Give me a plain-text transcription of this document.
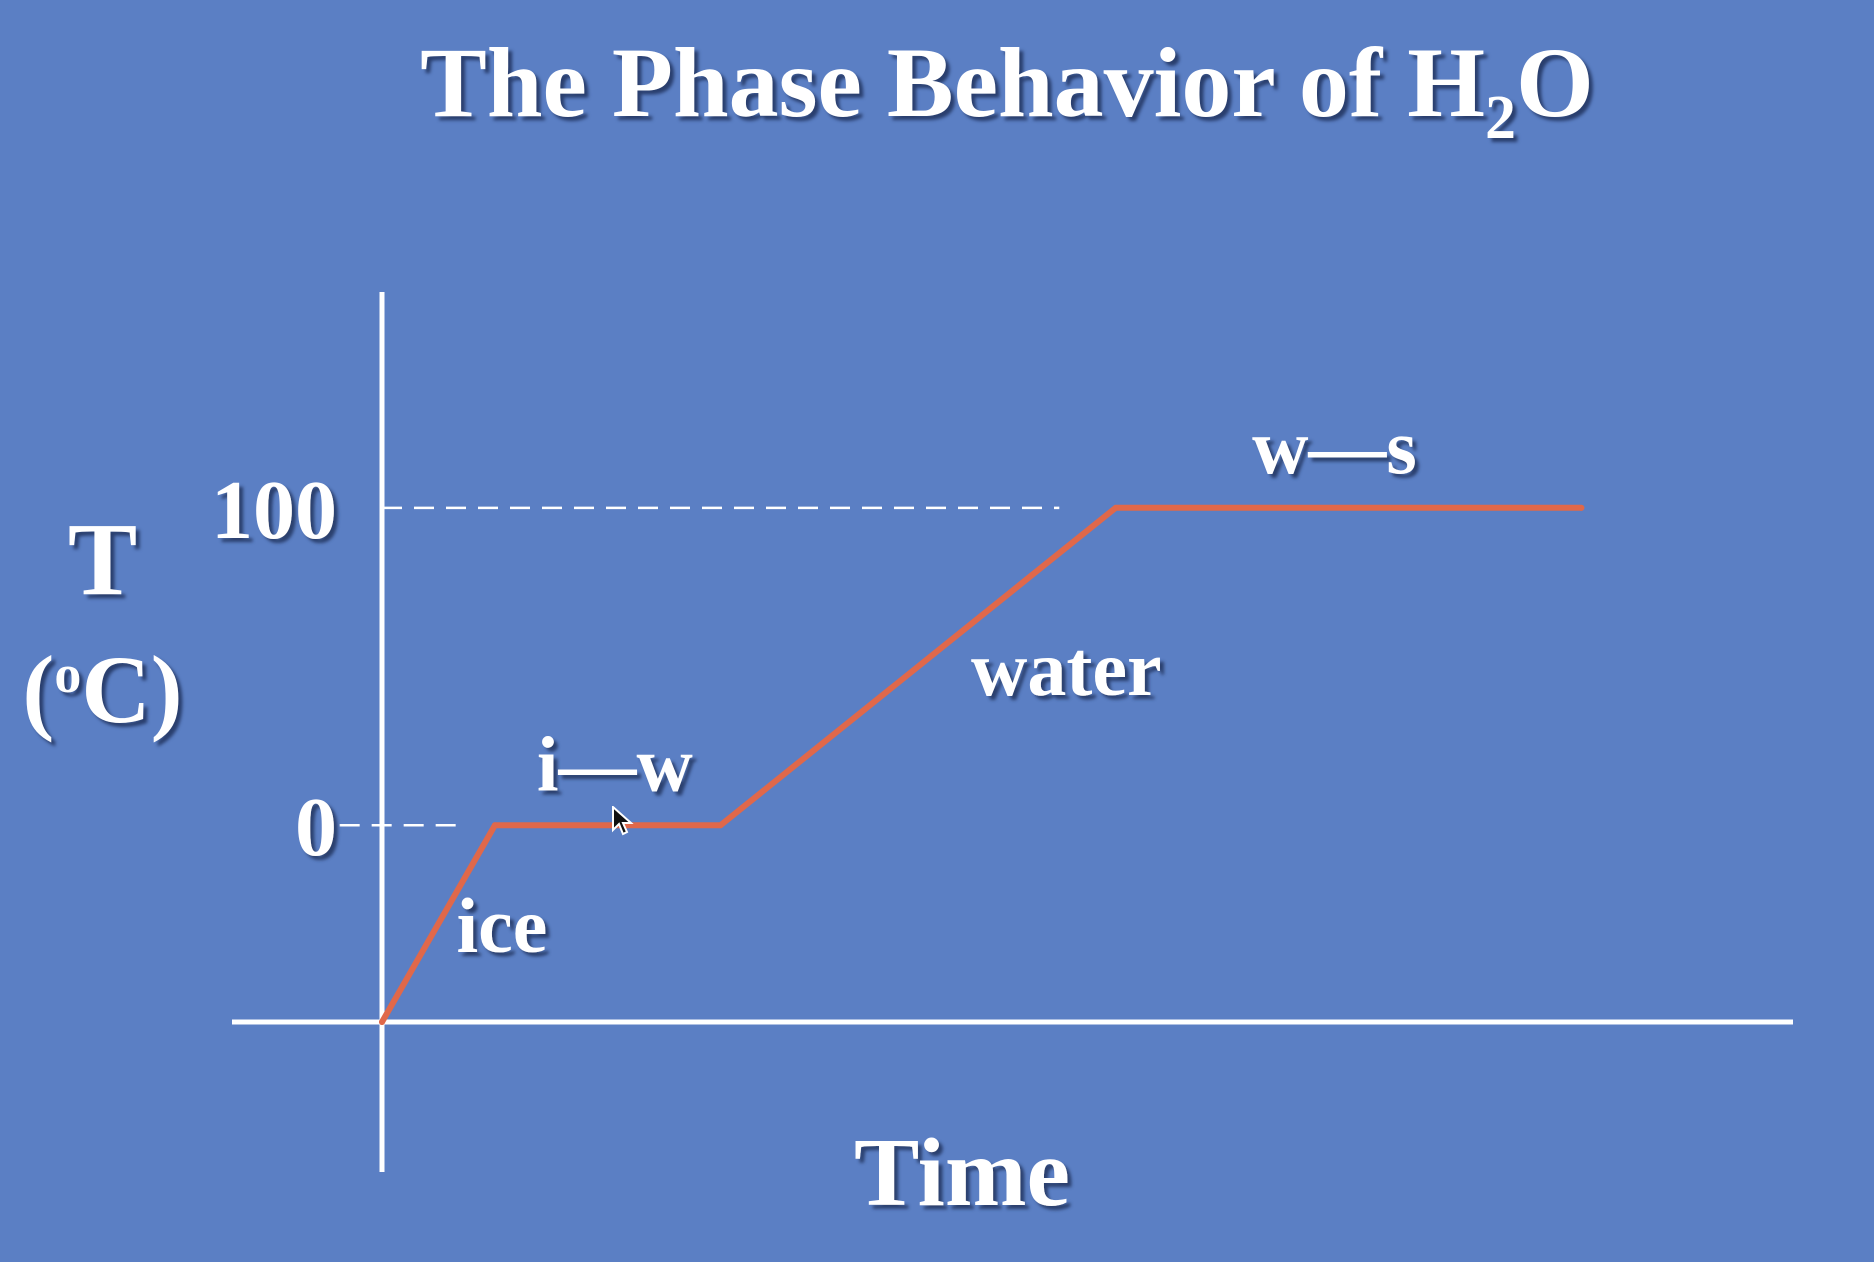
The Phase Behavior of $H_2O$
T
($^o$C)
Time
0
100
ice
i—w
water
w—s
